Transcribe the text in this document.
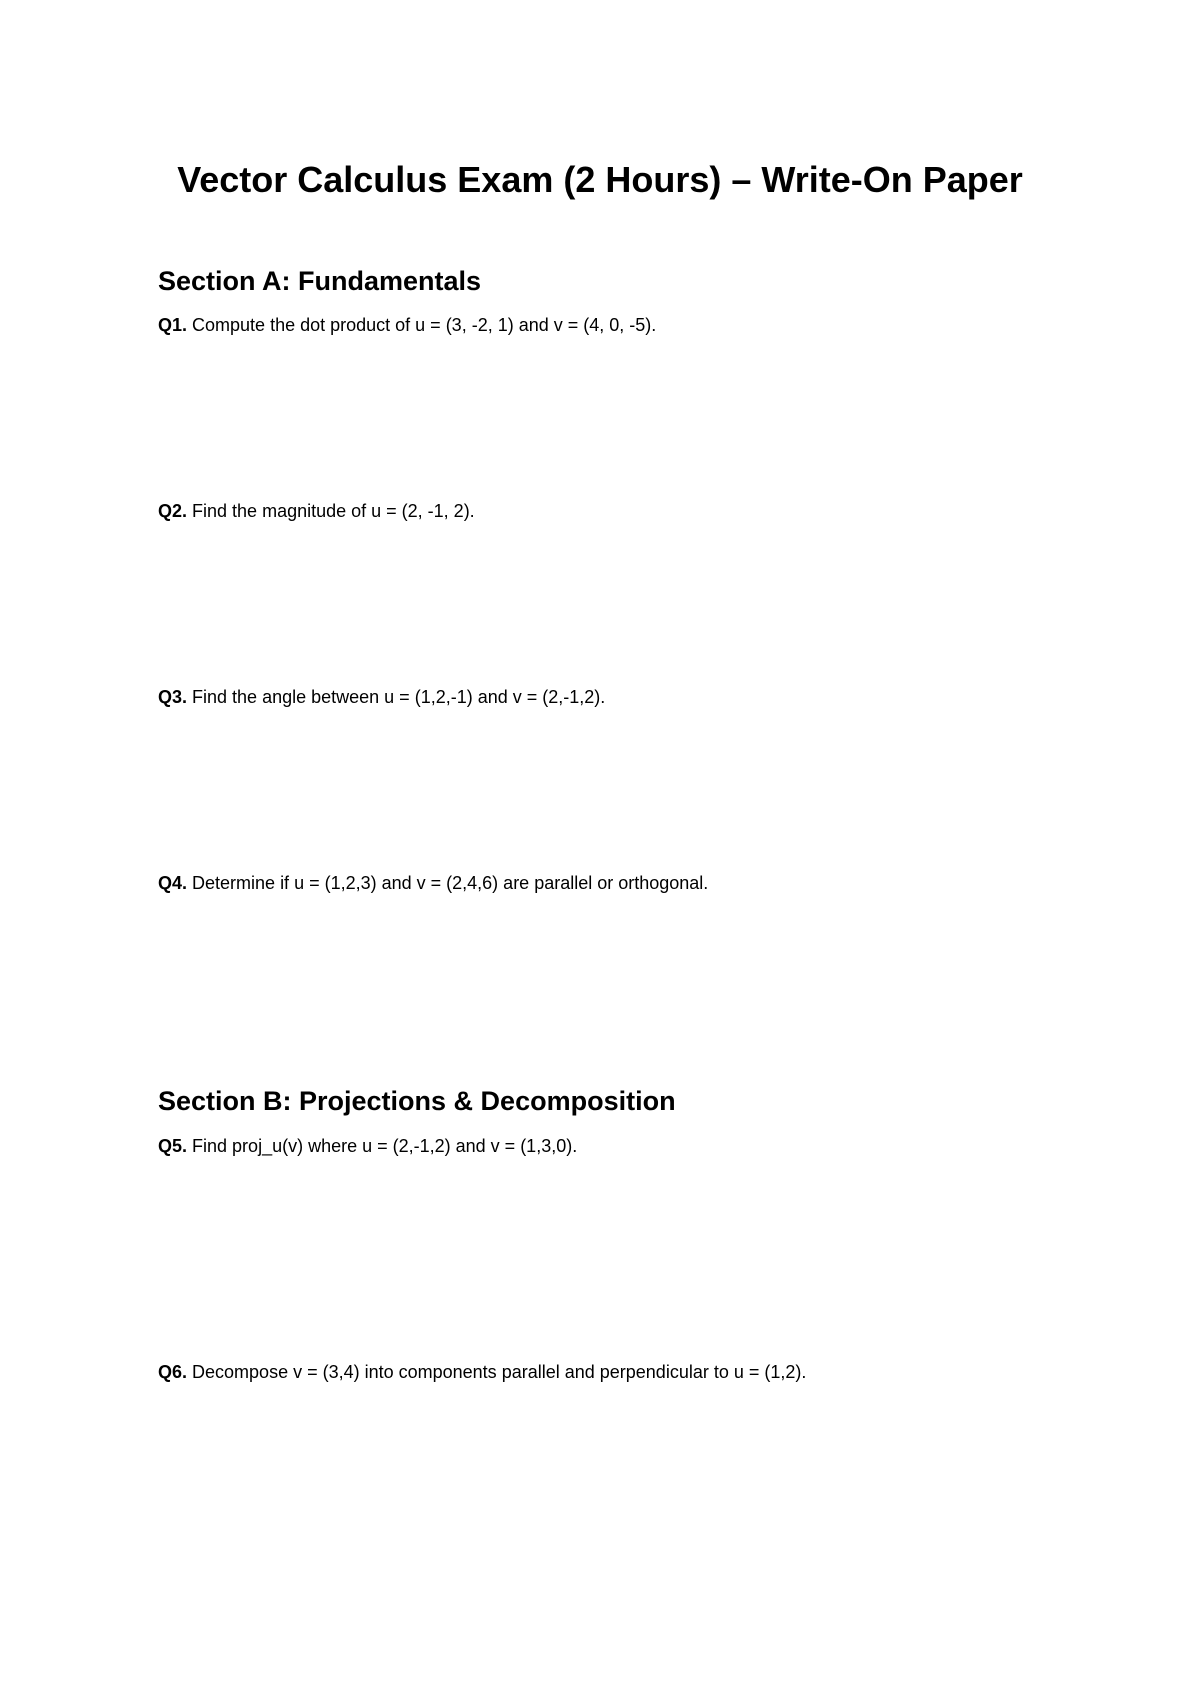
Vector Calculus Exam (2 Hours) – Write-On Paper
Section A: Fundamentals

Q1. Compute the dot product of u = (3, -2, 1) and v = (4, 0, -5).

Q2. Find the magnitude of u = (2, -1, 2).

Q3. Find the angle between u = (1,2,-1) and v = (2,-1,2).

Q4. Determine if u = (1,2,3) and v = (2,4,6) are parallel or orthogonal.

Section B: Projections & Decomposition

Q5. Find proj_u(v) where u = (2,-1,2) and v = (1,3,0).

Q6. Decompose v = (3,4) into components parallel and perpendicular to u = (1,2).
